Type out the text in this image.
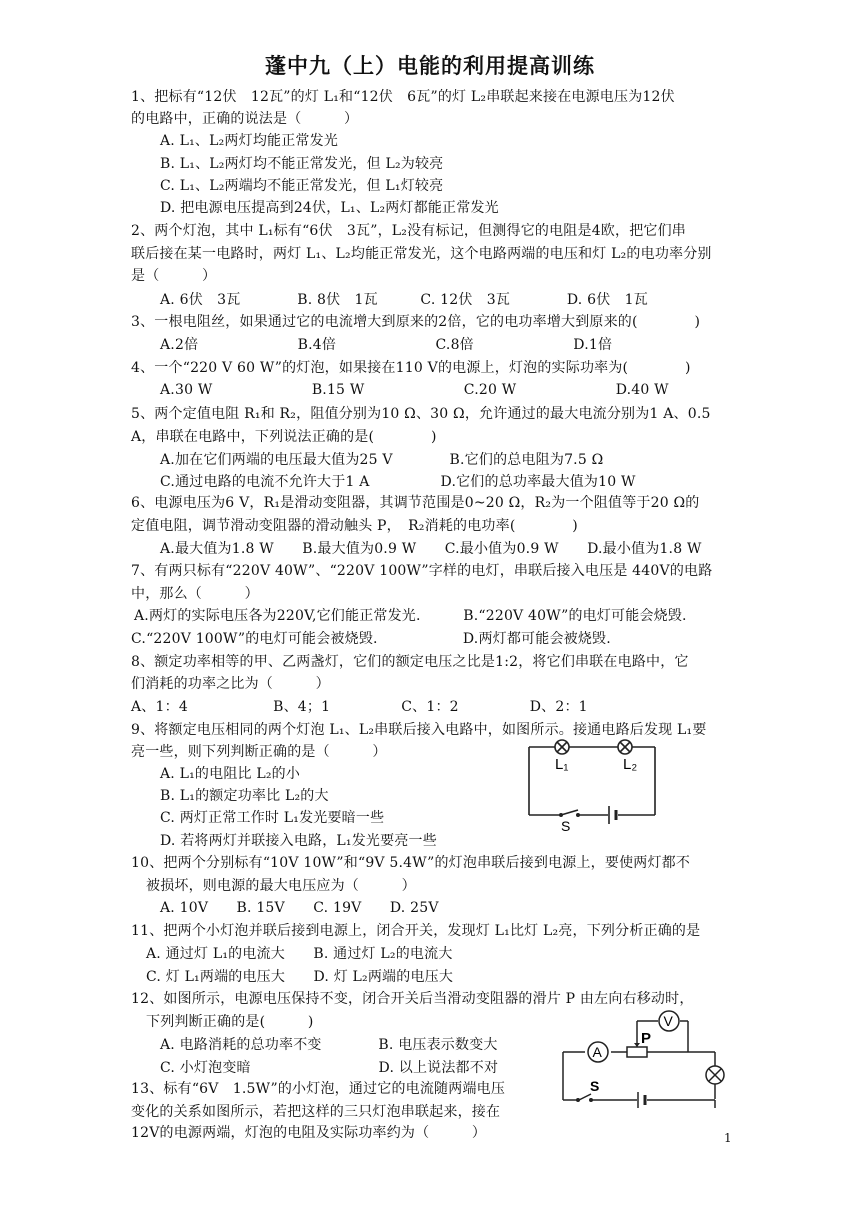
蓬中九（上）电能的利用提高训练
1、把标有“12伏　12瓦”的灯 L₁和“12伏　6瓦”的灯 L₂串联起来接在电源电压为12伏
的电路中，正确的说法是（　　　）
A. L₁、L₂两灯均能正常发光
B. L₁、L₂两灯均不能正常发光，但 L₂为较亮
C. L₁、L₂两端均不能正常发光，但 L₁灯较亮
D. 把电源电压提高到24伏，L₁、L₂两灯都能正常发光
2、两个灯泡，其中 L₁标有“6伏　3瓦”，L₂没有标记，但测得它的电阻是4欧，把它们串
联后接在某一电路时，两灯 L₁、L₂均能正常发光，这个电路两端的电压和灯 L₂的电功率分别
是（　　　）
A. 6伏　3瓦　　　　B. 8伏　1瓦　　　C. 12伏　3瓦　　　　D. 6伏　1瓦
3、一根电阻丝，如果通过它的电流增大到原来的2倍，它的电功率增大到原来的(　　　　)
A.2倍　　　　　　　B.4倍　　　　　　　C.8倍　　　　　　　D.1倍
4、一个“220 V 60 W”的灯泡，如果接在110 V的电源上，灯泡的实际功率为(　　　　)
A.30 W　　　　　　　B.15 W　　　　　　　C.20 W　　　　　　　D.40 W
5、两个定值电阻 R₁和 R₂，阻值分别为10 Ω、30 Ω，允许通过的最大电流分别为1 A、0.5
A，串联在电路中，下列说法正确的是(　　　　)
A.加在它们两端的电压最大值为25 V　　　　B.它们的总电阻为7.5 Ω
C.通过电路的电流不允许大于1 A　　　　　D.它们的总功率最大值为10 W
6、电源电压为6 V，R₁是滑动变阻器，其调节范围是0~20 Ω，R₂为一个阻值等于20 Ω的
定值电阻，调节滑动变阻器的滑动触头 P，　R₂消耗的电功率(　　　　)
A.最大值为1.8 W　　B.最大值为0.9 W　　C.最小值为0.9 W　　D.最小值为1.8 W
7、有两只标有“220V 40W”、“220V 100W”字样的电灯，串联后接入电压是 440V的电路
中，那么（　　　）
A.两灯的实际电压各为220V,它们能正常发光.　　　B.“220V 40W”的电灯可能会烧毁.
C.“220V 100W”的电灯可能会被烧毁.　　　　　　D.两灯都可能会被烧毁.
8、额定功率相等的甲、乙两盏灯，它们的额定电压之比是1:2，将它们串联在电路中，它
们消耗的功率之比为（　　　）
A、1：4　　　　　　B、4；1　　　　　C、1：2　　　　　D、2：1
9、将额定电压相同的两个灯泡 L₁、L₂串联后接入电路中，如图所示。接通电路后发现 L₁要
亮一些，则下列判断正确的是（　　　）
A. L₁的电阻比 L₂的小
B. L₁的额定功率比 L₂的大
C. 两灯正常工作时 L₁发光要暗一些
D. 若将两灯并联接入电路，L₁发光要亮一些
10、把两个分别标有“10V 10W”和“9V 5.4W”的灯泡串联后接到电源上，要使两灯都不
被损坏，则电源的最大电压应为（　　　）
A. 10V　　B. 15V　　C. 19V　　D. 25V
11、把两个小灯泡并联后接到电源上，闭合开关，发现灯 L₁比灯 L₂亮，下列分析正确的是
A. 通过灯 L₁的电流大　　B. 通过灯 L₂的电流大
C. 灯 L₁两端的电压大　　D. 灯 L₂两端的电压大
12、如图所示，电源电压保持不变，闭合开关后当滑动变阻器的滑片 P 由左向右移动时，
下列判断正确的是(　　　)
A. 电路消耗的总功率不变　　　　B. 电压表示数变大
C. 小灯泡变暗　　　　　　　　　D. 以上说法都不对
13、标有“6V　1.5W”的小灯泡，通过它的电流随两端电压
变化的关系如图所示，若把这样的三只灯泡串联起来，接在
12V的电源两端，灯泡的电阻及实际功率约为（　　　）
L₁	L₂
S
V
A
P
S
1
